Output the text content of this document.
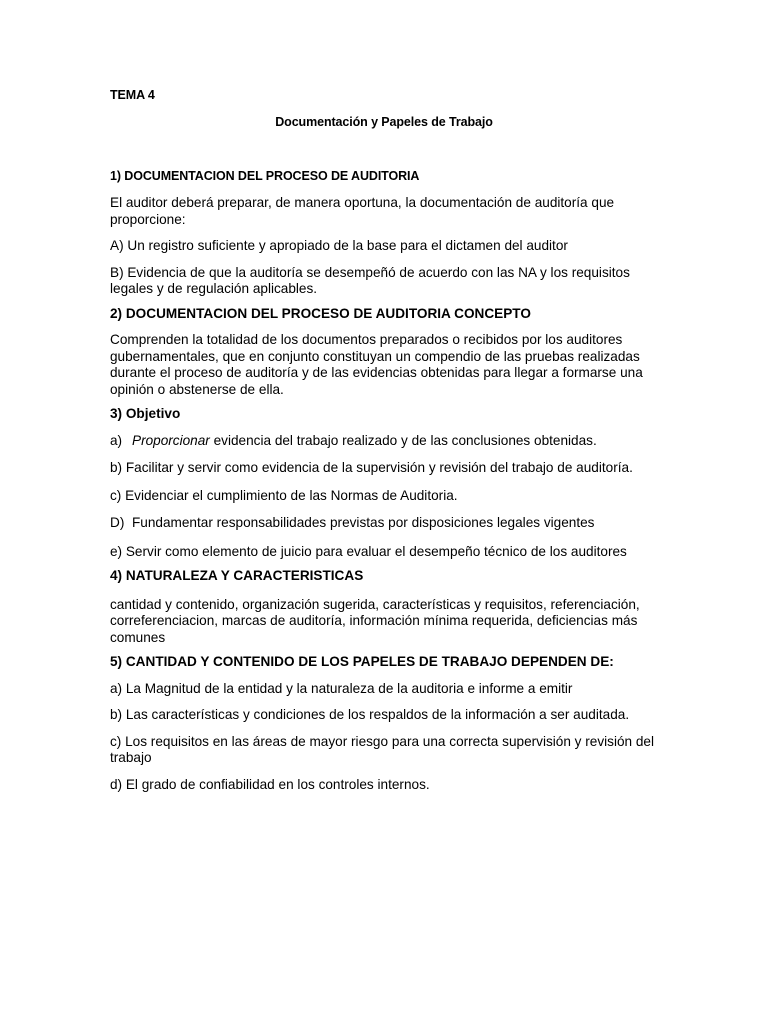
TEMA 4
Documentación y Papeles de Trabajo
1) DOCUMENTACION DEL PROCESO DE AUDITORIA

El auditor deberá preparar, de manera oportuna, la documentación de auditoría que proporcione:

A) Un registro suficiente y apropiado de la base para el dictamen del auditor

B) Evidencia de que la auditoría se desempeñó de acuerdo con las NA y los requisitos legales y de regulación aplicables.

2) DOCUMENTACION DEL PROCESO DE AUDITORIA CONCEPTO

Comprenden la totalidad de los documentos preparados o recibidos por los auditores gubernamentales, que en conjunto constituyan un compendio de las pruebas realizadas durante el proceso de auditoría y de las evidencias obtenidas para llegar a formarse una opinión o abstenerse de ella.

3) Objetivo

a) Proporcionar evidencia del trabajo realizado y de las conclusiones obtenidas.

b) Facilitar y servir como evidencia de la supervisión y revisión del trabajo de auditoría.

c) Evidenciar el cumplimiento de las Normas de Auditoria.

D) Fundamentar responsabilidades previstas por disposiciones legales vigentes

e) Servir como elemento de juicio para evaluar el desempeño técnico de los auditores

4) NATURALEZA Y CARACTERISTICAS

cantidad y contenido, organización sugerida, características y requisitos, referenciación, correferenciacion, marcas de auditoría, información mínima requerida, deficiencias más comunes

5) CANTIDAD Y CONTENIDO DE LOS PAPELES DE TRABAJO DEPENDEN DE:

a) La Magnitud de la entidad y la naturaleza de la auditoria e informe a emitir

b) Las características y condiciones de los respaldos de la información a ser auditada.

c) Los requisitos en las áreas de mayor riesgo para una correcta supervisión y revisión del trabajo

d) El grado de confiabilidad en los controles internos.
